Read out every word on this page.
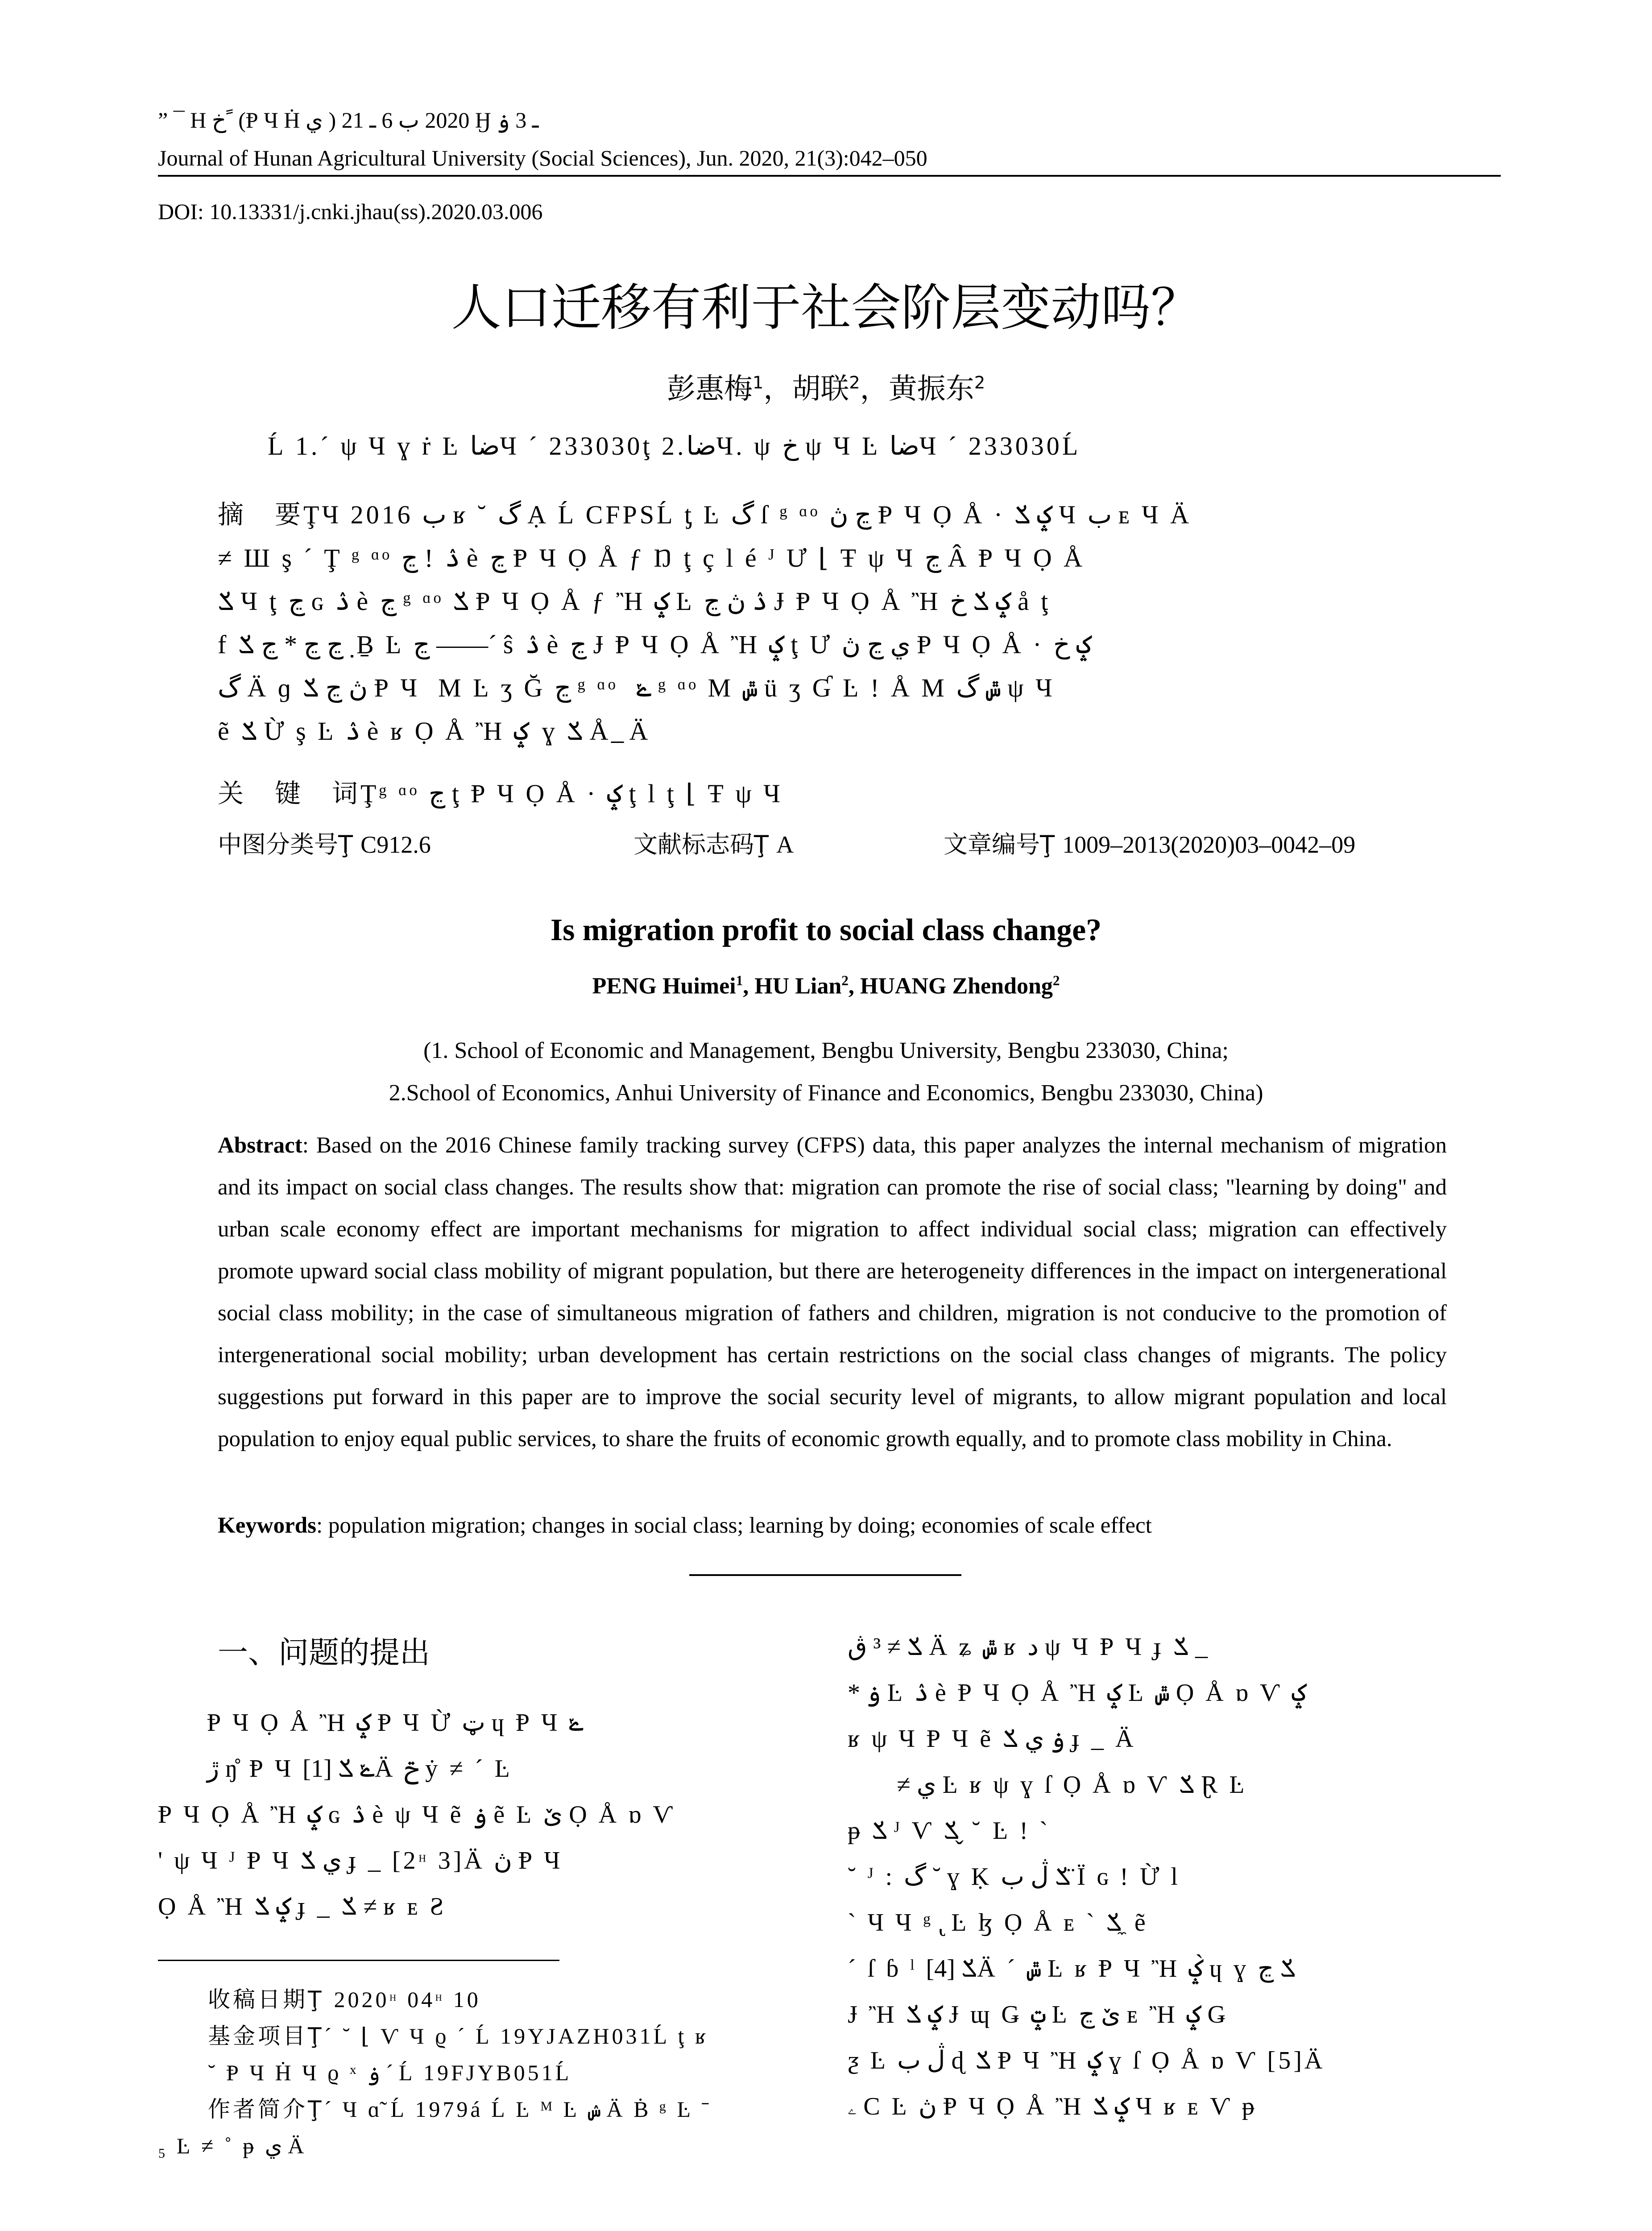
” ¯ H خ ً (Ᵽ Ч Ḣ ي ) 2020 ب 6 ـ 21 Ӈ ـ 3 ۏ
Journal of Hunan Agricultural University (Social Sciences), Jun. 2020, 21(3):042–050
DOI: 10.13331/j.cnki.jhau(ss).2020.03.006
人口迁移有利于社会阶层变动吗？
彭惠梅$^1$，胡联$^2$，黄振东$^2$
Ĺ 1.󠁿´ ψ Ч ɣ ṙ Ŀ ضاЧ 󠁿´ 233030ţ 2.ضاЧ. ψ خ ψ Ч Ŀ ضاЧ 󠁿´ 233030Ĺ
摘　要ŢЧ 2016 ب ʁ ˘ گ Ạ Ĺ CFPSĹ ƫ Ŀ گ ſ ᵍ ᵅᵒ ڃ ڽ Ᵽ Ч Ọ Å · ݤ ݎ Ч ب ᴇ Ч Ä
≠ Ш ş 󠁿´ Ţ ᵍ ᵅᵒ ڃ ǃ ۮ è ڃ Ᵽ Ч Ọ Å ƒ Ŋ ţ ç l é ᴶ Ư ⌊ Ŧ ψ Ч ڃ Â Ᵽ Ч Ọ Å
ݎ Ч ţ ڃ ɢ ۮ è ڃ ᵍ ᵅᵒ ݎ Ᵽ Ч Ọ Å ƒ Ἢ ݤ Ŀ ۮ ڽ ڃ Ɉ Ᵽ Ч Ọ Å Ἢ ݤ ݎ خ å ţ
f ڃ ڃ * ڃ ݎ ݂ Ḇ Ŀ ڃ ——ˊ ŝ ۮ è ڃ Ɉ Ᵽ Ч Ọ Å Ἢ ݤ ţ Ư ي ڃ ڽ Ᵽ Ч Ọ Å · ݤ خ
گ Ä ɡ ڽ ڃ ݎ Ᵽ Ч 󠁿 M Ŀ ʒ Ğ ڃ ᵍ ᵅᵒ 󠁿 ݺ ᵍ ᵅᵒ M ݜ ü ʒ Ɠ Ŀ ǃ Å M ݜ گ ψ Ч
ẽ ݎ Ừ ş Ŀ ۮ è ʁ Ọ Å Ἢ ݤ 󠁿 ɣ ݎ Å ̲ Ä
关　键　词Ţᵍ ᵅᵒ ڃ ţ Ᵽ Ч Ọ Å · ݤ ţ l ţ ⌊ Ŧ ψ Ч
中图分类号Ţ C912.6	文献标志码Ţ A	文章编号Ţ 1009–2013(2020)03–0042–09
Is migration profit to social class change?
PENG Huimei$^1$, HU Lian$^2$, HUANG Zhendong$^2$
(1. School of Economic and Management, Bengbu University, Bengbu 233030, China;
2.School of Economics, Anhui University of Finance and Economics, Bengbu 233030, China)
Abstract: Based on the 2016 Chinese family tracking survey (CFPS) data, this paper analyzes the internal mechanism of migration and its impact on social class changes. The results show that: migration can promote the rise of social class; "learning by doing" and urban scale economy effect are important mechanisms for migration to affect individual social class; migration can effectively promote upward social class mobility of migrant population, but there are heterogeneity differences in the impact on intergenerational social class mobility; in the case of simultaneous migration of fathers and children, migration is not conducive to the promotion of intergenerational social mobility; urban development has certain restrictions on the social class changes of migrants. The policy suggestions put forward in this paper are to improve the social security level of migrants, to allow migrant population and local population to enjoy equal public services, to share the fruits of economic growth equally, and to promote class mobility in China.
Keywords: population migration; changes in social class; learning by doing; economies of scale effect
一、问题的提出
Ᵽ Ч Ọ Å Ἢ ݤ Ᵽ Ч Ừ ټ ɥ Ᵽ Ч ݺ
ڙ ŋ̊ Ᵽ Ч ݺ ݎ [1]Ä ݗ ẏ ≠ 󠁿´ Ŀ
Ᵽ Ч Ọ Å Ἢ ݤ ɢ ۮ è ψ Ч ẽ ۏ ẽ Ŀ ێ Ọ Å ɒ Ѵ
' ψ Ч ᴶ Ᵽ Ч ي ݎ ɟ _ [2ᵸ 3]Ä ڽ Ᵽ Ч
Ọ Å Ἢ ݤ ݎ ɟ _ ݎ ≠ ʁ ᴇ Ƨ
收稿日期Ţ 2020ᵸ 04ᵸ 10
基金项目Ţ´ ˘ ⌊ Ѵ Ч ϱ ´ Ĺ 19YJAZH031Ĺ ţ ʁ
˘ Ᵽ Ч Ḣ Ч ϱ ˣ ۏ ´ Ĺ 19FJYB051Ĺ
作者简介Ţ´ Ч ɑ̃ Ĺ 1979á Ĺ Ŀ ᴹ Ŀ ݾ Ä Ḃ ᵍ Ŀ ˉ
₅ Ŀ ≠ ˚ ᵽ ي Ä
ݎ ≠ ³ ڨ Ä ʑ ݜ ʁ د ψ Ч Ᵽ Ч ɟ ݎ _
* ۏ Ŀ ۮ è Ᵽ Ч Ọ Å Ἢ ݤ Ŀ ݜ Ọ Å ɒ Ѵ ݤ
ʁ ψ Ч Ᵽ Ч ẽ ۏ ي ݎ ɟ _ Ä
≠ ي Ŀ ʁ ψ ɣ ſ Ọ Å ɒ Ѵ ݎ Ɽ Ŀ
ᵽ ݎ ᴶ Ѵ ݎ ̬ ˘ 󠁿 Ŀ ǃ ˋ
˘ ᴶ : گ ˘ ɣ Ḳ ݎ ڷ ب ̈Ϊ ɢ ǃ Ừ l
ˋ Ч Ч ᵍ ̢ Ŀ ɮ Ọ Å ᴇ ˋ ݎ ̼ ẽ
ˊ ſ ɓ ˡ ݎ [4]Ä ˊ ݜ Ŀ ʁ Ᵽ Ч Ἢ ݤ ̀ɥ ɣ ݎ ڃ
Ɉ Ἢ ݤ ݎ Ɉ ɰ Ǥ ݓ Ŀ ێ ڃ ᴇ Ἢ ݤ Ǥ
ƺ Ŀ ڷ ب ɖ ݎ Ᵽ Ч Ἢ ݤ ɣ ſ Ọ Å ɒ Ѵ [5]Ä
ۦ C Ŀ ڽ Ᵽ Ч Ọ Å Ἢ ݤ ݎ Ч ʁ ᴇ Ѵ ᵽ
